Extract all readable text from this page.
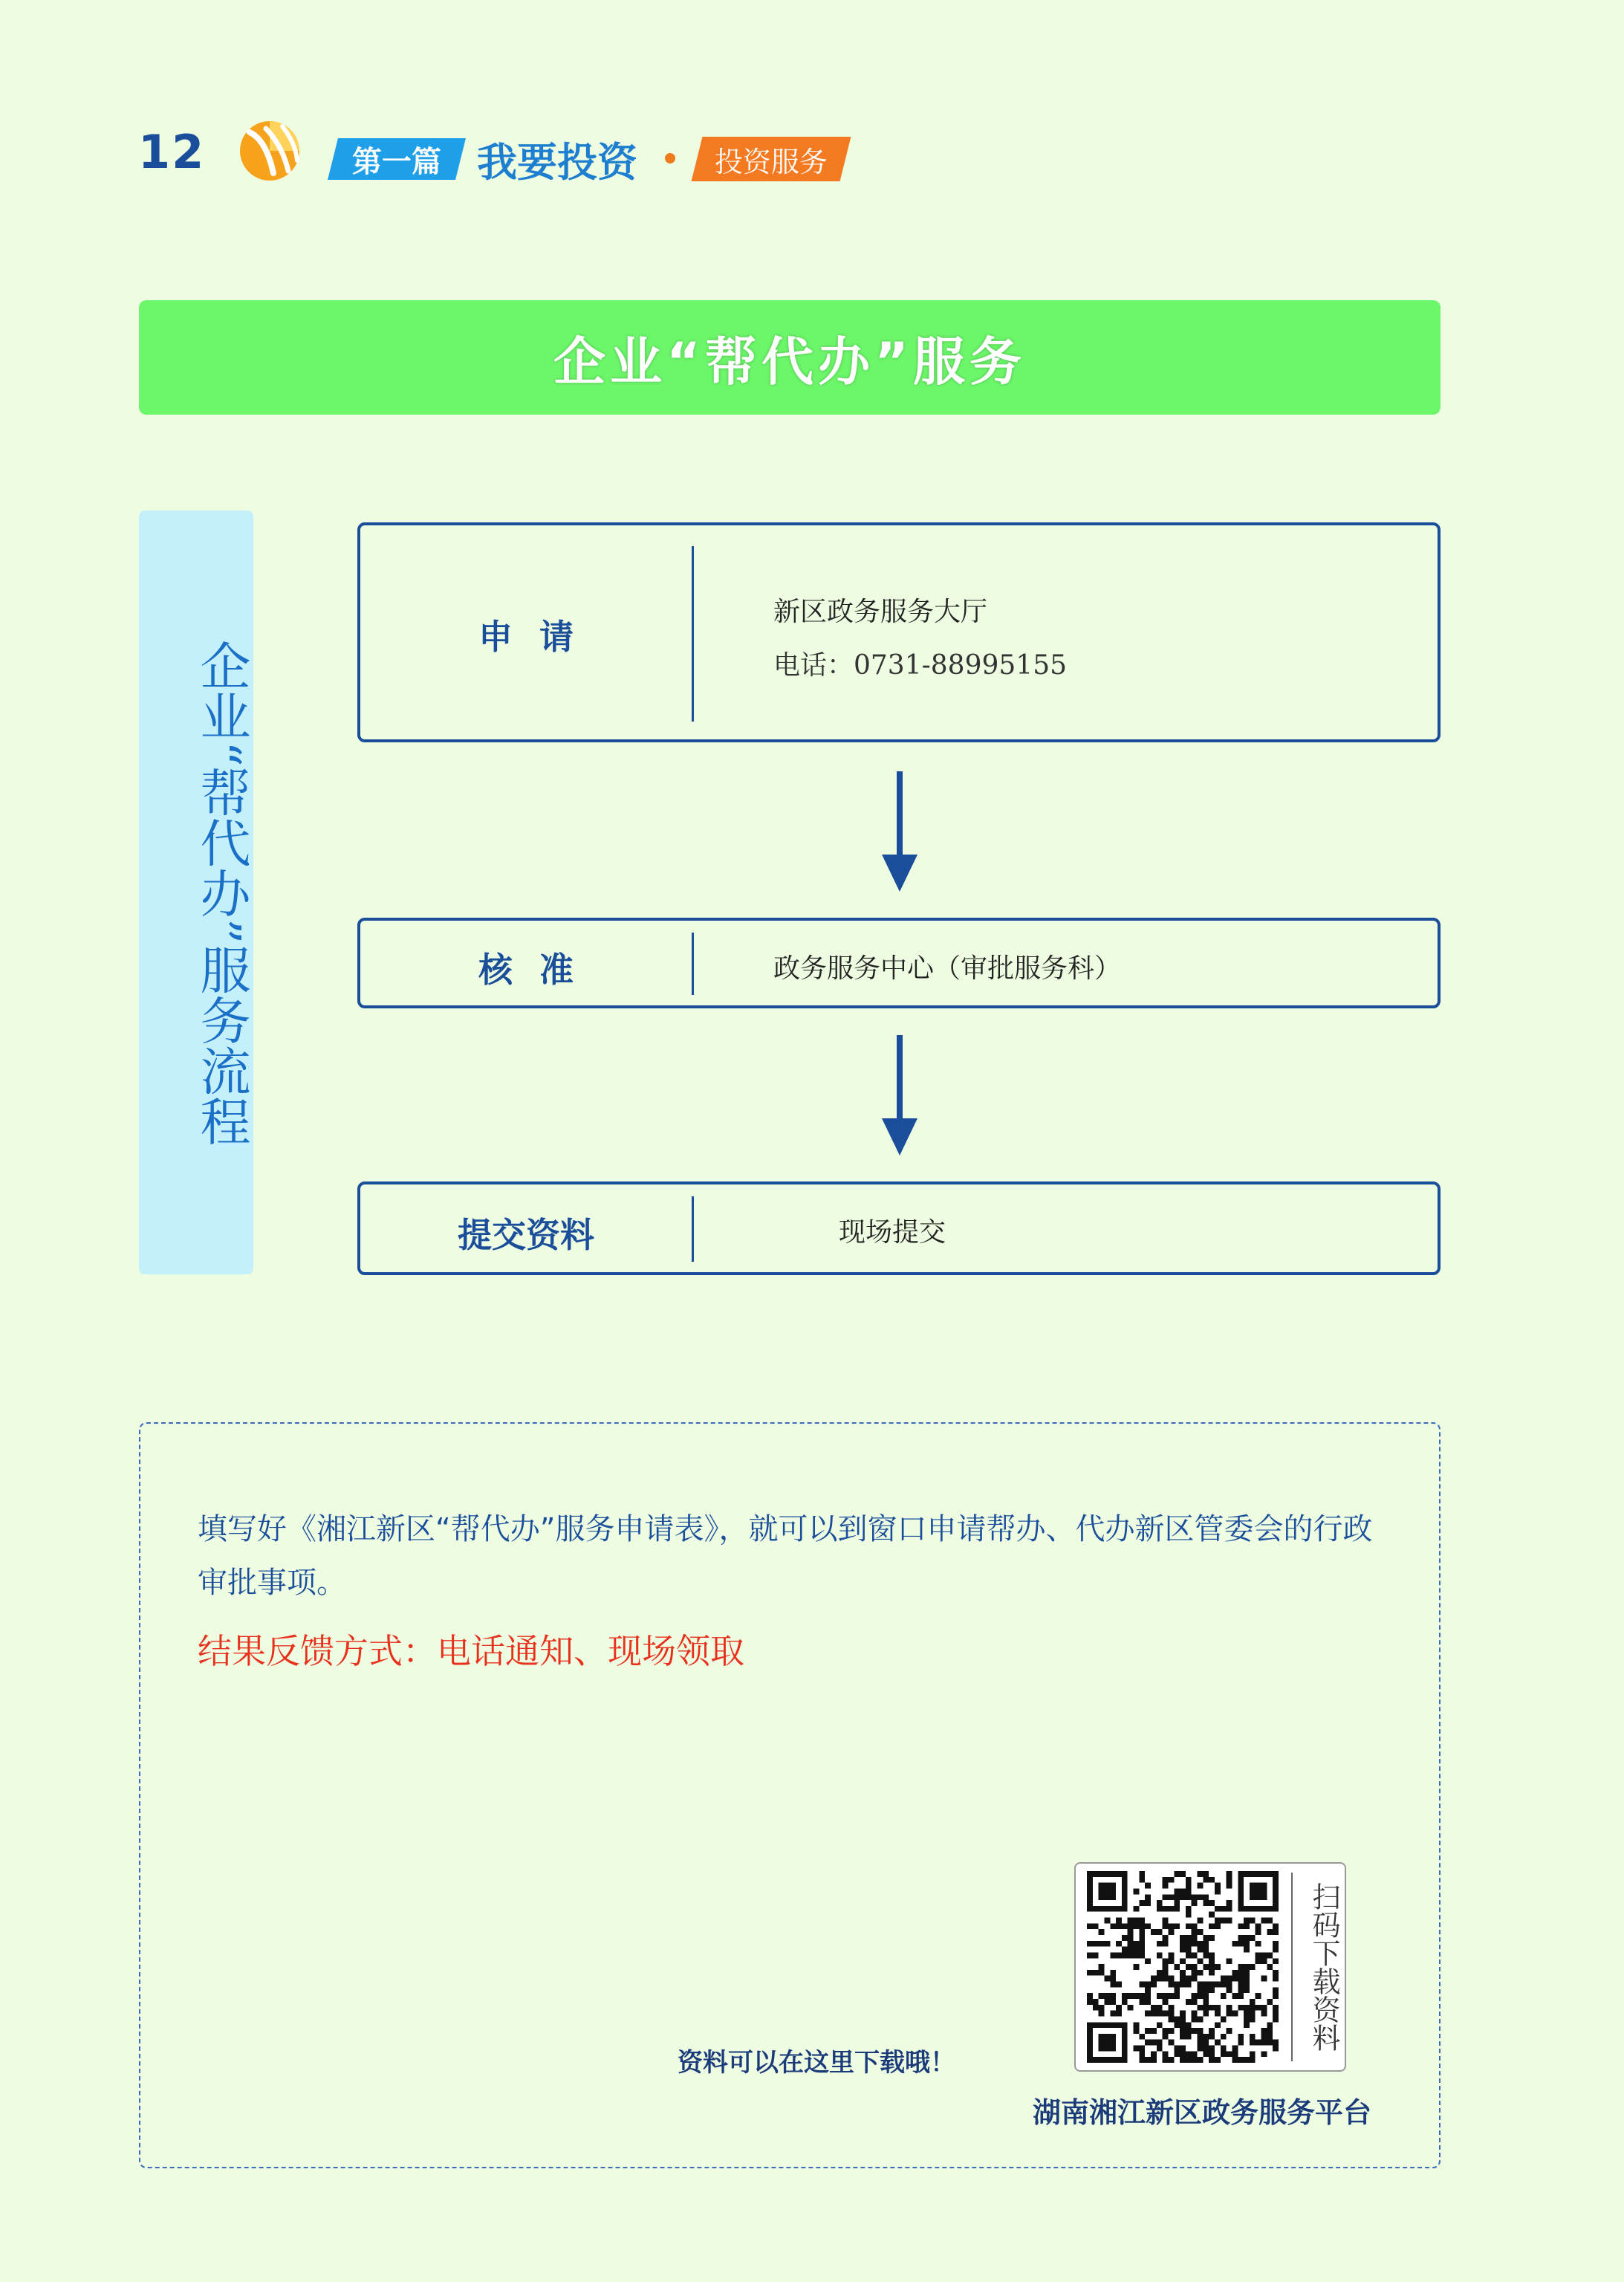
12	第一篇 我要投资	投资服务
企业“帮代办”服务
企业“帮代办”服务流程
申请
新区政务服务大厅
电话：0731-88995155
核准	政务服务中心（审批服务科）
提交资料	现场提交
填写好《湘江新区“帮代办”服务申请表》，就可以到窗口申请帮办、代办新区管委会的行政审批事项。
结果反馈方式：电话通知、现场领取
资料可以在这里下载哦！
扫码下载资料
湖南湘江新区政务服务平台
